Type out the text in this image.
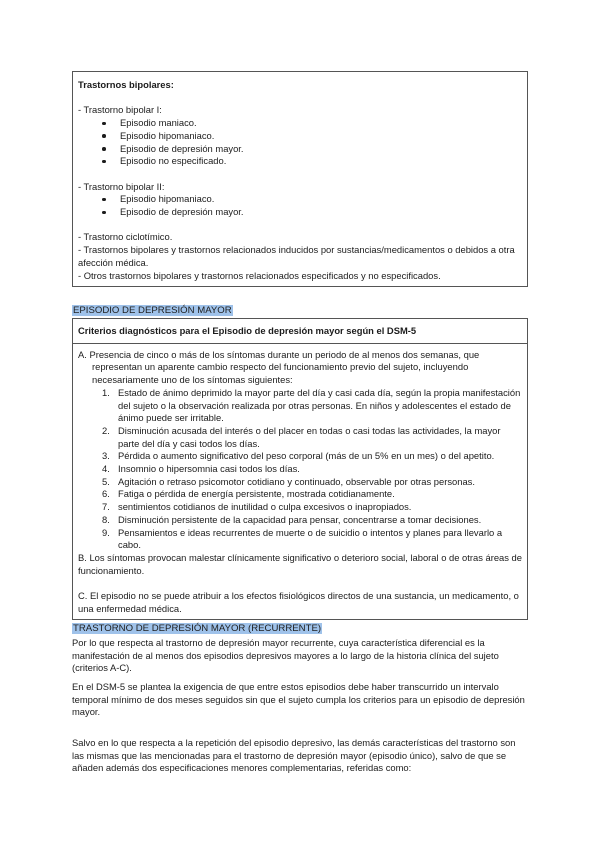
Trastornos bipolares:
- Trastorno bipolar I:
Episodio maniaco.
Episodio hipomaniaco.
Episodio de depresión mayor.
Episodio no especificado.
- Trastorno bipolar II:
Episodio hipomaniaco.
Episodio de depresión mayor.
- Trastorno ciclotímico.
- Trastornos bipolares y trastornos relacionados inducidos por sustancias/medicamentos o debidos a otra afección médica.
- Otros trastornos bipolares y trastornos relacionados especificados y no especificados.
EPISODIO DE DEPRESIÓN MAYOR
Criterios diagnósticos para el Episodio de depresión mayor según el DSM-5
A. Presencia de cinco o más de los síntomas durante un periodo de al menos dos semanas, que
representan un aparente cambio respecto del funcionamiento previo del sujeto, incluyendo necesariamente uno de los síntomas siguientes:
1. Estado de ánimo deprimido la mayor parte del día y casi cada día, según la propia manifestación del sujeto o la observación realizada por otras personas. En niños y adolescentes el estado de ánimo puede ser irritable.
2. Disminución acusada del interés o del placer en todas o casi todas las actividades, la mayor parte del día y casi todos los días.
3. Pérdida o aumento significativo del peso corporal (más de un 5% en un mes) o del apetito.
4. Insomnio o hipersomnia casi todos los días.
5. Agitación o retraso psicomotor cotidiano y continuado, observable por otras personas.
6. Fatiga o pérdida de energía persistente, mostrada cotidianamente.
7. sentimientos cotidianos de inutilidad o culpa excesivos o inapropiados.
8. Disminución persistente de la capacidad para pensar, concentrarse a tomar decisiones.
9. Pensamientos e ideas recurrentes de muerte o de suicidio o intentos y planes para llevarlo a cabo.
B. Los síntomas provocan malestar clínicamente significativo o deterioro social, laboral o de otras áreas de funcionamiento.
C. El episodio no se puede atribuir a los efectos fisiológicos directos de una sustancia, un medicamento, o una enfermedad médica.
TRASTORNO DE DEPRESIÓN MAYOR (RECURRENTE)
Por lo que respecta al trastorno de depresión mayor recurrente, cuya característica diferencial es la manifestación de al menos dos episodios depresivos mayores a lo largo de la historia clínica del sujeto (criterios A-C).
En el DSM-5 se plantea la exigencia de que entre estos episodios debe haber transcurrido un intervalo temporal mínimo de dos meses seguidos sin que el sujeto cumpla los criterios para un episodio de depresión mayor.
Salvo en lo que respecta a la repetición del episodio depresivo, las demás características del trastorno son las mismas que las mencionadas para el trastorno de depresión mayor (episodio único), salvo de que se añaden además dos especificaciones menores complementarias, referidas como:
